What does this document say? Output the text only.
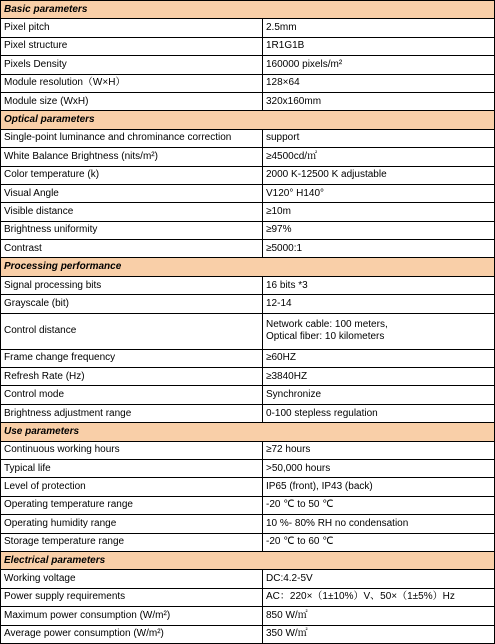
Basic parameters	
Pixel pitch	2.5mm
Pixel structure	1R1G1B
Pixels Density	160000 pixels/m²
Module resolution（W×H）	128×64
Module size (WxH)	320x160mm
Optical parameters	
Single-point luminance and chrominance correction	support
White Balance Brightness (nits/m²)	≥4500cd/㎡
Color temperature (k)	2000 K-12500 K adjustable
Visual Angle	V120° H140°
Visible distance	≥10m
Brightness uniformity	≥97%
Contrast	≥5000:1
Processing performance	
Signal processing bits	16 bits *3
Grayscale (bit)	12-14
Control distance	Network cable: 100 meters,
Optical fiber: 10 kilometers

Frame change frequency	≥60HZ
Refresh Rate (Hz)	≥3840HZ
Control mode	Synchronize
Brightness adjustment range	0-100 stepless regulation
Use parameters	
Continuous working hours	≥72 hours
Typical life	>50,000 hours
Level of protection	IP65 (front), IP43 (back)
Operating temperature range	-20 ℃ to 50 ℃
Operating humidity range	10 %- 80% RH no condensation
Storage temperature range	-20 ℃ to 60 ℃
Electrical parameters	
Working voltage	DC:4.2-5V
Power supply requirements	AC：220×（1±10%）V、50×（1±5%）Hz
Maximum power consumption (W/m²)	850 W/㎡
Average power consumption (W/m²)	350 W/㎡
